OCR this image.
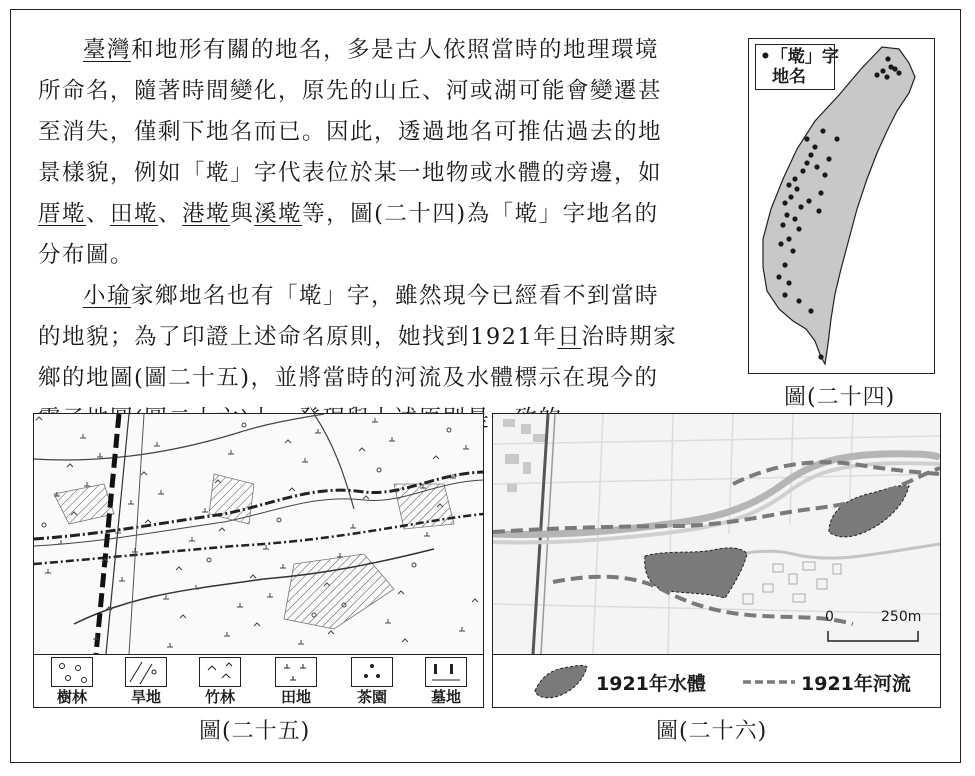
臺灣和地形有關的地名，多是古人依照當時的地理環境
所命名，隨著時間變化，原先的山丘、河或湖可能會變遷甚
至消失，僅剩下地名而已。因此，透過地名可推估過去的地
景樣貌，例如「墘」字代表位於某一地物或水體的旁邊，如
厝墘、田墘、港墘與溪墘等，圖(二十四)為「墘」字地名的
分布圖。
小瑜家鄉地名也有「墘」字，雖然現今已經看不到當時
的地貌；為了印證上述命名原則，她找到1921年日治時期家
鄉的地圖(圖二十五)，並將當時的河流及水體標示在現今的
•「墘」字
地名
圖(二十四)
樹林	旱地	竹林	田地	茶園	墓地
圖(二十五)
0	250m
1921年水體	1921年河流
圖(二十六)
